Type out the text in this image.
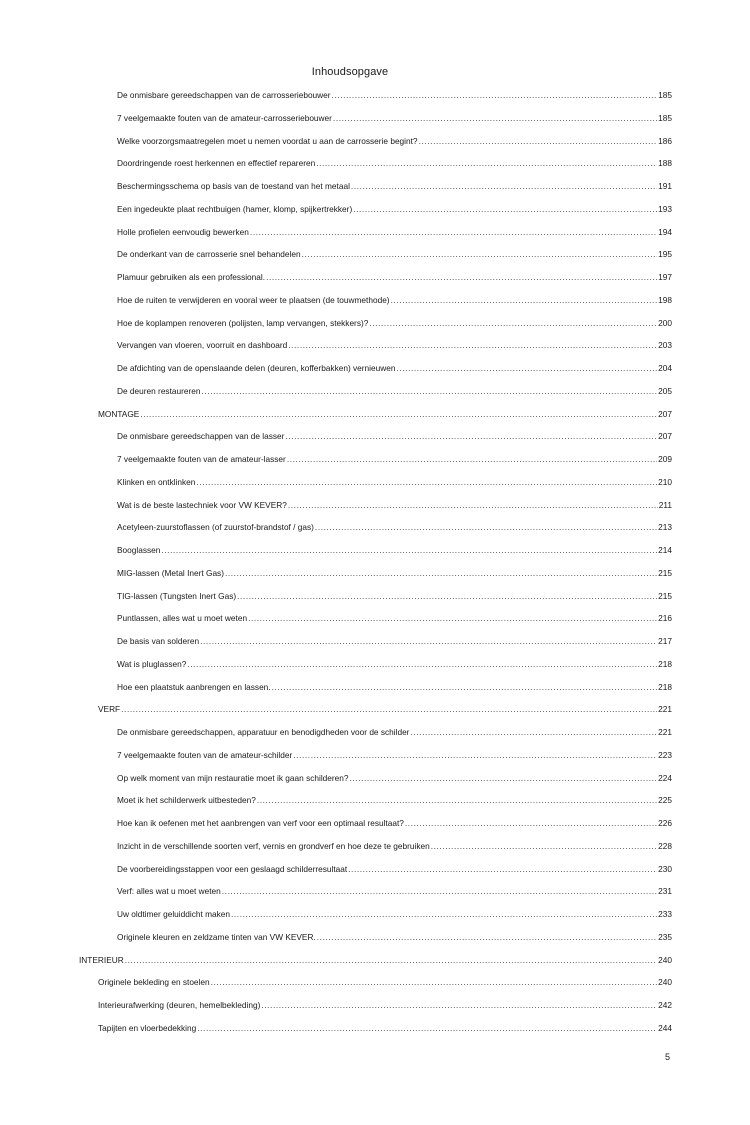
Inhoudsopgave
De onmisbare gereedschappen van de carrosseriebouwer .....	185
7 veelgemaakte fouten van de amateur-carrosseriebouwer .....	185
Welke voorzorgsmaatregelen moet u nemen voordat u aan de carrosserie begint? .....	186
Doordringende roest herkennen en effectief repareren .....	188
Beschermingsschema op basis van de toestand van het metaal .....	191
Een ingedeukte plaat rechtbuigen (hamer, klomp, spijkertrekker) .....	193
Holle profielen eenvoudig bewerken .....	194
De onderkant van de carrosserie snel behandelen .....	195
Plamuur gebruiken als een professional. .....	197
Hoe de ruiten te verwijderen en vooral weer te plaatsen (de touwmethode) .....	198
Hoe de koplampen renoveren (polijsten, lamp vervangen, stekkers)? .....	200
Vervangen van vloeren, voorruit en dashboard .....	203
De afdichting van de openslaande delen (deuren, kofferbakken) vernieuwen .....	204
De deuren restaureren .....	205
MONTAGE .....	207
De onmisbare gereedschappen van de lasser .....	207
7 veelgemaakte fouten van de amateur-lasser .....	209
Klinken en ontklinken .....	210
Wat is de beste lastechniek voor VW KEVER? .....	211
Acetyleen-zuurstoflassen (of zuurstof-brandstof / gas) .....	213
Booglassen .....	214
MIG-lassen (Metal Inert Gas) .....	215
TIG-lassen (Tungsten Inert Gas) .....	215
Puntlassen, alles wat u moet weten .....	216
De basis van solderen .....	217
Wat is pluglassen? .....	218
Hoe een plaatstuk aanbrengen en lassen. .....	218
VERF .....	221
De onmisbare gereedschappen, apparatuur en benodigdheden voor de schilder .....	221
7 veelgemaakte fouten van de amateur-schilder .....	223
Op welk moment van mijn restauratie moet ik gaan schilderen? .....	224
Moet ik het schilderwerk uitbesteden? .....	225
Hoe kan ik oefenen met het aanbrengen van verf voor een optimaal resultaat? .....	226
Inzicht in de verschillende soorten verf, vernis en grondverf en hoe deze te gebruiken .....	228
De voorbereidingsstappen voor een geslaagd schilderresultaat .....	230
Verf: alles wat u moet weten .....	231
Uw oldtimer geluiddicht maken .....	233
Originele kleuren en zeldzame tinten van VW KEVER. .....	235
INTERIEUR .....	240
Originele bekleding en stoelen .....	240
Interieurafwerking (deuren, hemelbekleding) .....	242
Tapijten en vloerbedekking .....	244
5
